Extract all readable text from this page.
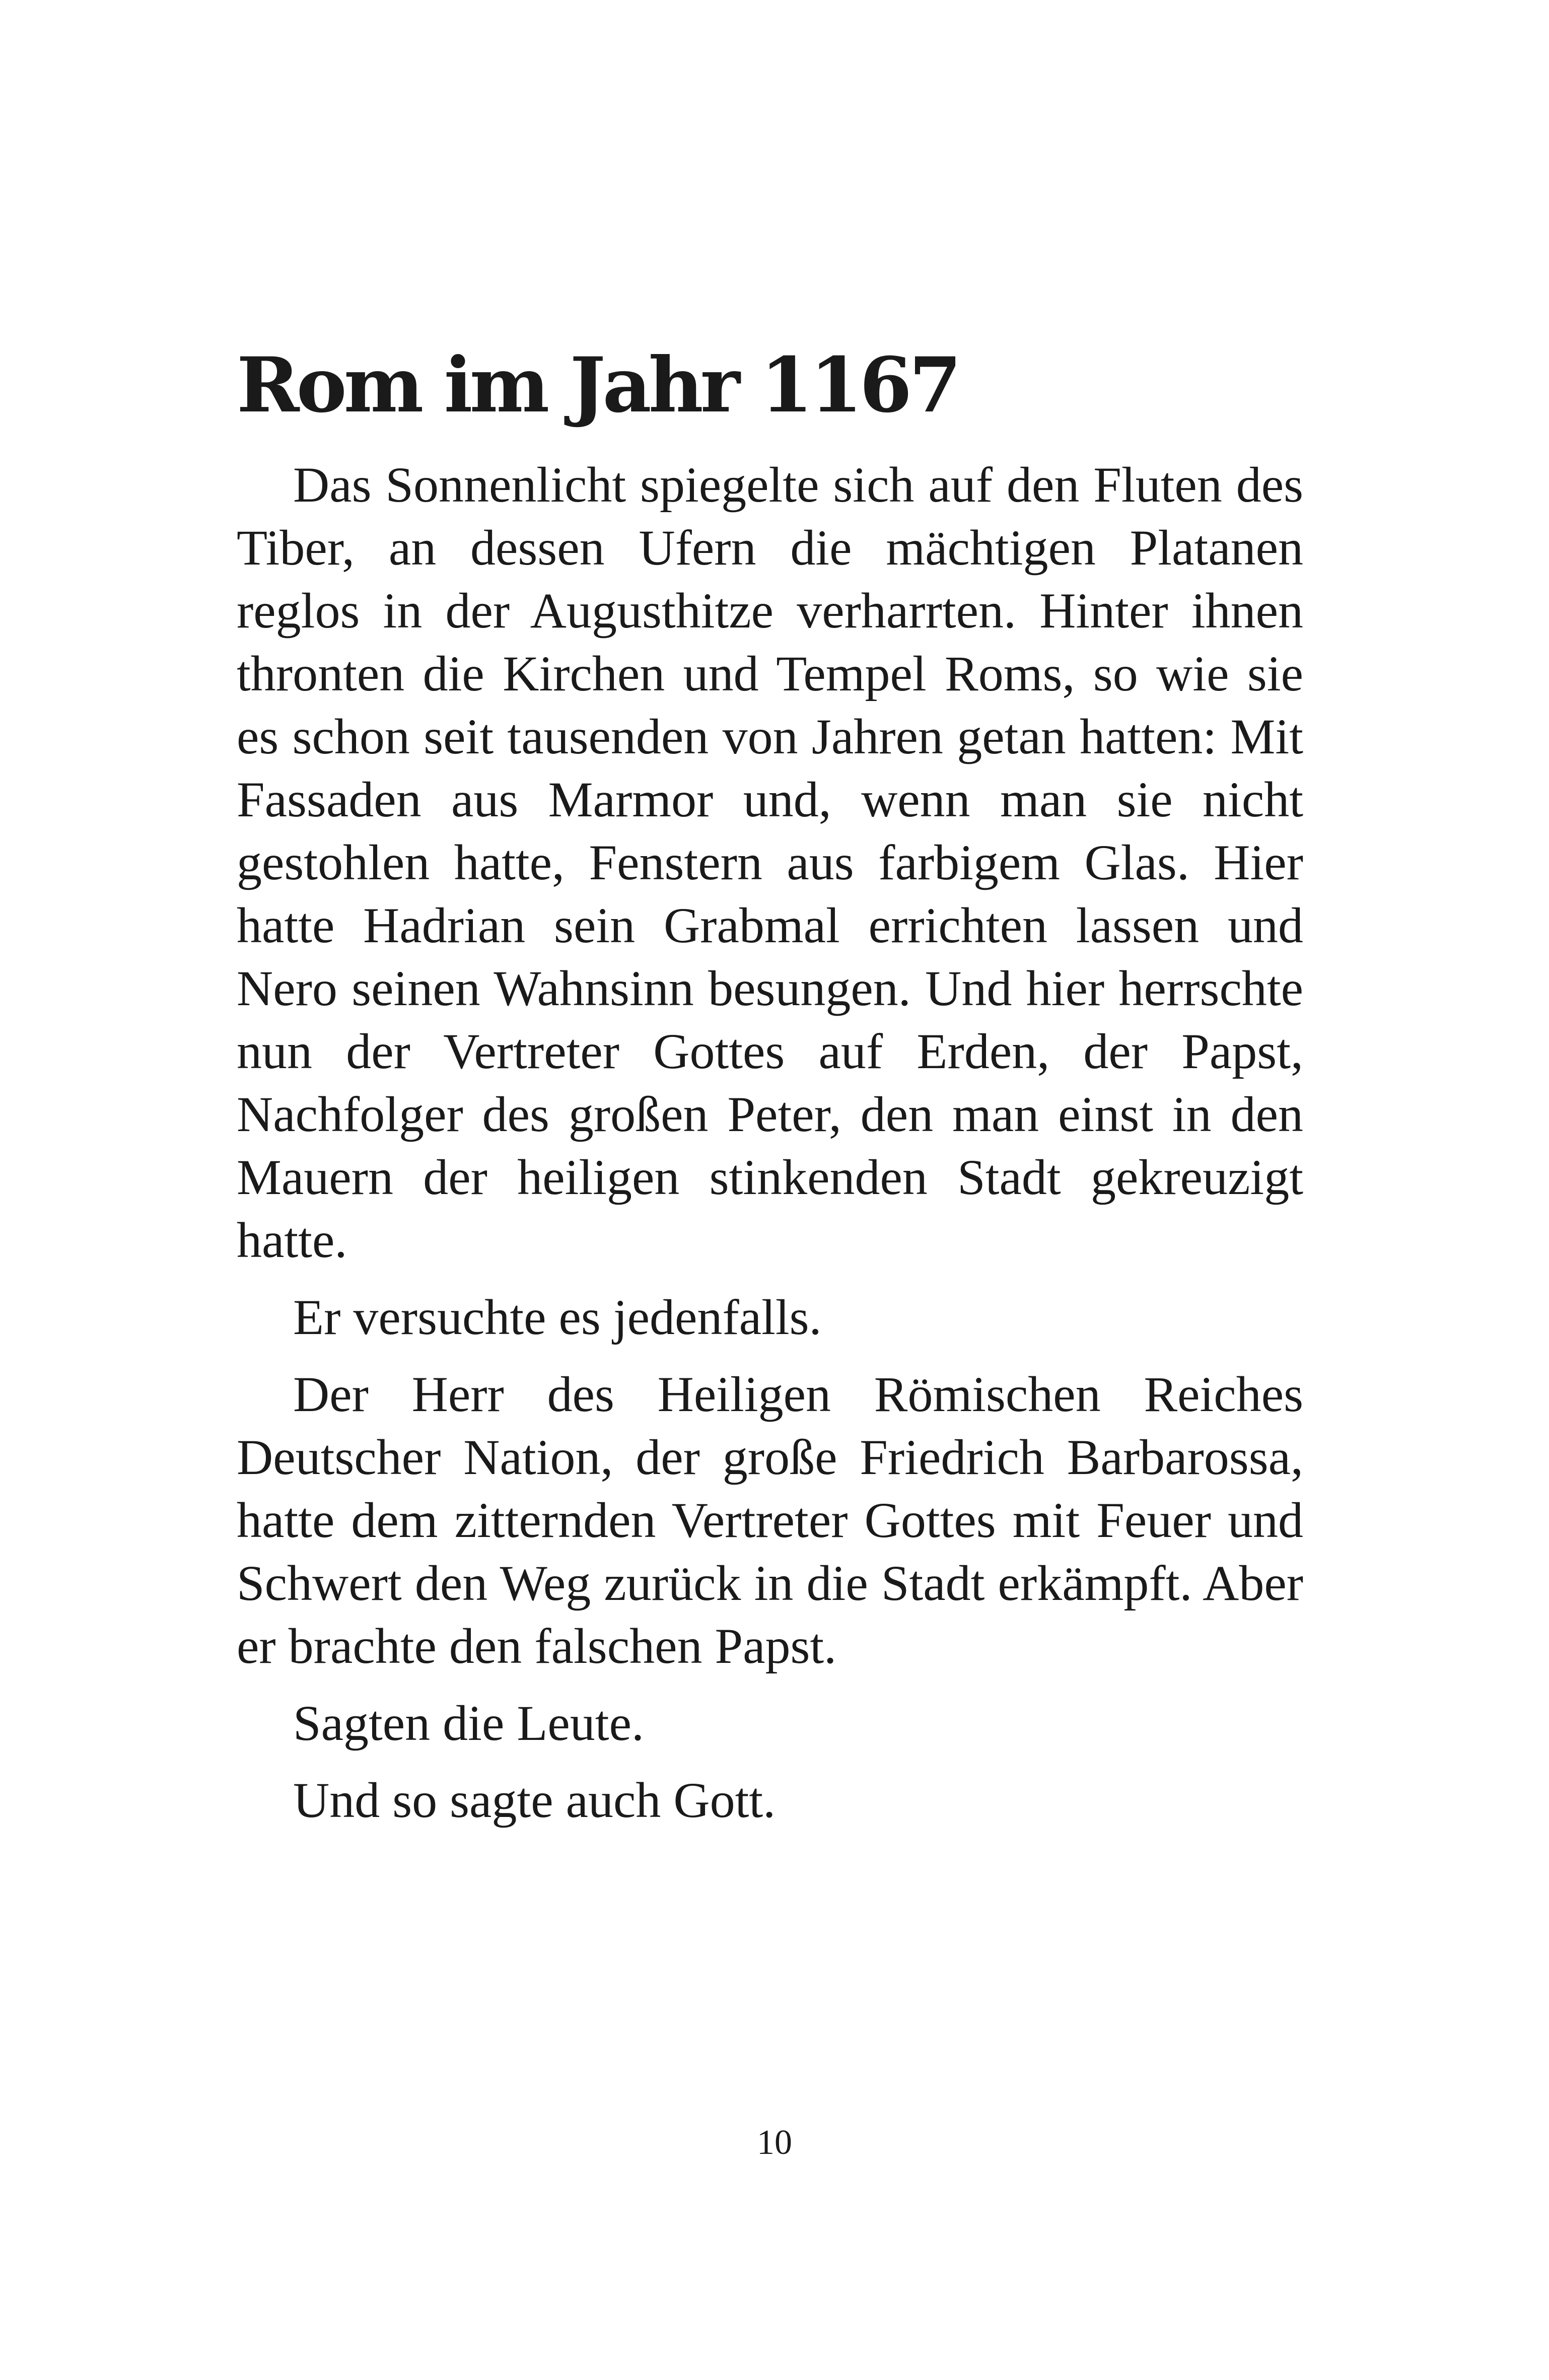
Rom im Jahr 1167

Das Sonnenlicht spiegelte sich auf den Fluten des Tiber, an dessen Ufern die mächtigen Platanen reglos in der Augusthitze verharrten. Hinter ihnen thronten die Kirchen und Tempel Roms, so wie sie es schon seit tausenden von Jahren getan hatten: Mit Fassaden aus Marmor und, wenn man sie nicht gestohlen hatte, Fenstern aus farbigem Glas. Hier hatte Hadrian sein Grabmal errichten lassen und Nero seinen Wahnsinn besungen. Und hier herrschte nun der Vertreter Gottes auf Erden, der Papst, Nachfolger des großen Peter, den man einst in den Mauern der heiligen stinkenden Stadt gekreuzigt hatte.

Er versuchte es jedenfalls.

Der Herr des Heiligen Römischen Reiches Deutscher Nation, der große Friedrich Barbarossa, hatte dem zitternden Vertreter Gottes mit Feuer und Schwert den Weg zurück in die Stadt erkämpft. Aber er brachte den falschen Papst.

Sagten die Leute.

Und so sagte auch Gott.

10
